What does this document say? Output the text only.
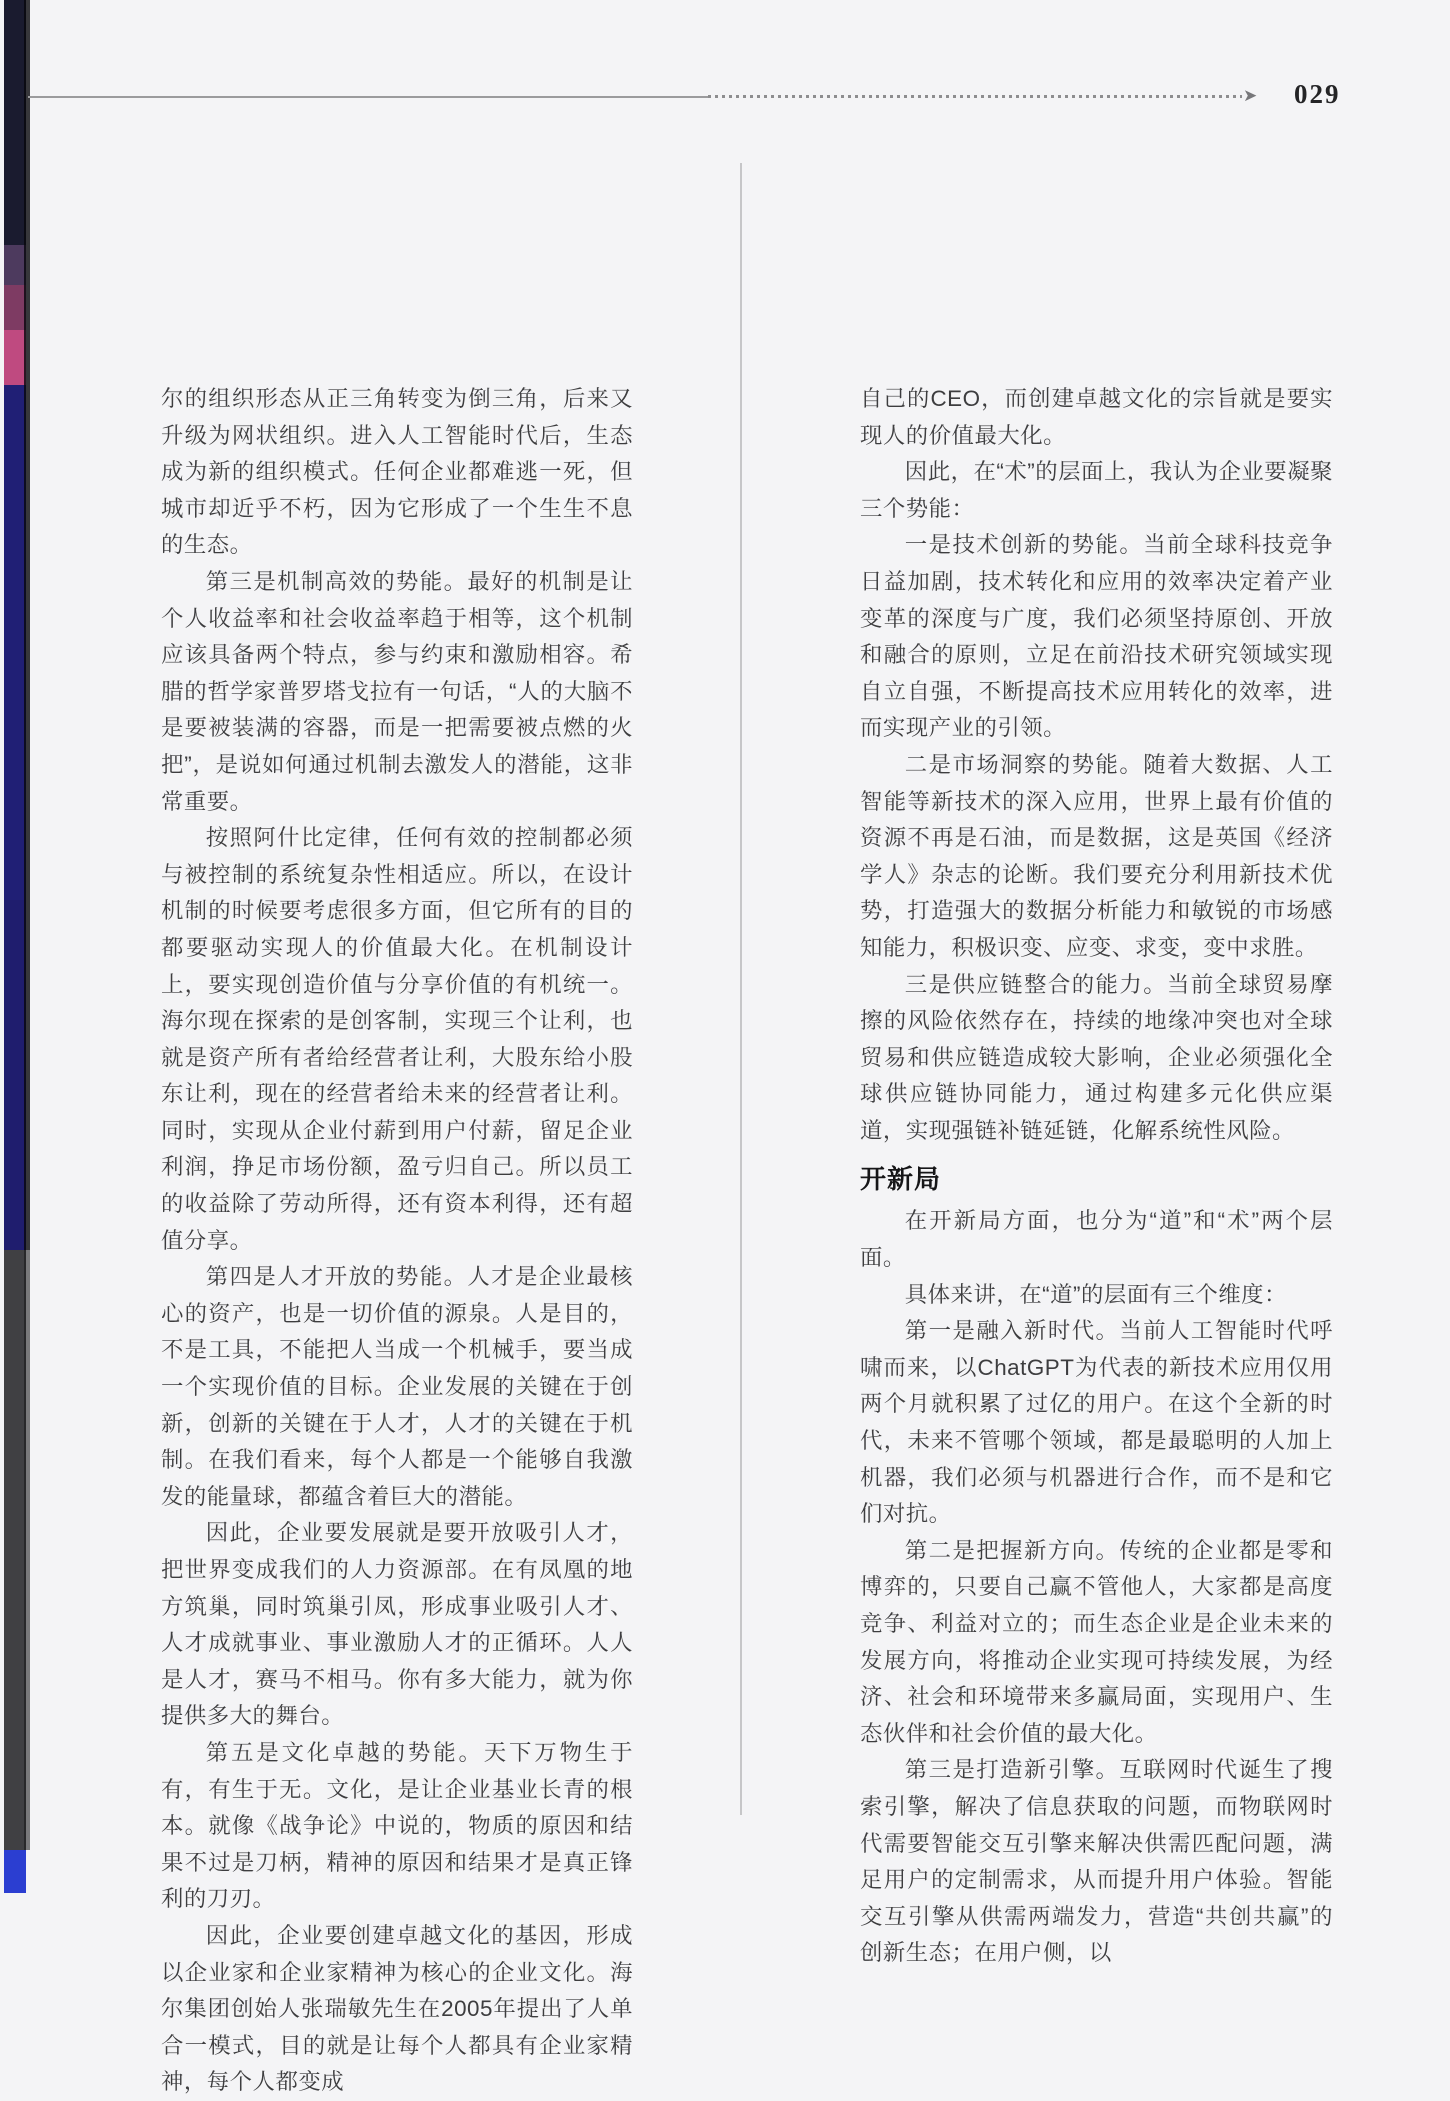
➤ 029

尔的组织形态从正三角转变为倒三角，后来又升级为网状组织。进入人工智能时代后，生态成为新的组织模式。任何企业都难逃一死，但城市却近乎不朽，因为它形成了一个生生不息的生态。

第三是机制高效的势能。最好的机制是让个人收益率和社会收益率趋于相等，这个机制应该具备两个特点，参与约束和激励相容。希腊的哲学家普罗塔戈拉有一句话，“人的大脑不是要被装满的容器，而是一把需要被点燃的火把”，是说如何通过机制去激发人的潜能，这非常重要。

按照阿什比定律，任何有效的控制都必须与被控制的系统复杂性相适应。所以，在设计机制的时候要考虑很多方面，但它所有的目的都要驱动实现人的价值最大化。在机制设计上，要实现创造价值与分享价值的有机统一。海尔现在探索的是创客制，实现三个让利，也就是资产所有者给经营者让利，大股东给小股东让利，现在的经营者给未来的经营者让利。同时，实现从企业付薪到用户付薪，留足企业利润，挣足市场份额，盈亏归自己。所以员工的收益除了劳动所得，还有资本利得，还有超值分享。

第四是人才开放的势能。人才是企业最核心的资产，也是一切价值的源泉。人是目的，不是工具，不能把人当成一个机械手，要当成一个实现价值的目标。企业发展的关键在于创新，创新的关键在于人才，人才的关键在于机制。在我们看来，每个人都是一个能够自我激发的能量球，都蕴含着巨大的潜能。

因此，企业要发展就是要开放吸引人才，把世界变成我们的人力资源部。在有凤凰的地方筑巢，同时筑巢引凤，形成事业吸引人才、人才成就事业、事业激励人才的正循环。人人是人才，赛马不相马。你有多大能力，就为你提供多大的舞台。

第五是文化卓越的势能。天下万物生于有，有生于无。文化，是让企业基业长青的根本。就像《战争论》中说的，物质的原因和结果不过是刀柄，精神的原因和结果才是真正锋利的刀刃。

因此，企业要创建卓越文化的基因，形成以企业家和企业家精神为核心的企业文化。海尔集团创始人张瑞敏先生在2005年提出了人单合一模式，目的就是让每个人都具有企业家精神，每个人都变成

自己的CEO，而创建卓越文化的宗旨就是要实现人的价值最大化。

因此，在“术”的层面上，我认为企业要凝聚三个势能：

一是技术创新的势能。当前全球科技竞争日益加剧，技术转化和应用的效率决定着产业变革的深度与广度，我们必须坚持原创、开放和融合的原则，立足在前沿技术研究领域实现自立自强，不断提高技术应用转化的效率，进而实现产业的引领。

二是市场洞察的势能。随着大数据、人工智能等新技术的深入应用，世界上最有价值的资源不再是石油，而是数据，这是英国《经济学人》杂志的论断。我们要充分利用新技术优势，打造强大的数据分析能力和敏锐的市场感知能力，积极识变、应变、求变，变中求胜。

三是供应链整合的能力。当前全球贸易摩擦的风险依然存在，持续的地缘冲突也对全球贸易和供应链造成较大影响，企业必须强化全球供应链协同能力，通过构建多元化供应渠道，实现强链补链延链，化解系统性风险。

开新局

在开新局方面，也分为“道”和“术”两个层面。

具体来讲，在“道”的层面有三个维度：

第一是融入新时代。当前人工智能时代呼啸而来，以ChatGPT为代表的新技术应用仅用两个月就积累了过亿的用户。在这个全新的时代，未来不管哪个领域，都是最聪明的人加上机器，我们必须与机器进行合作，而不是和它们对抗。

第二是把握新方向。传统的企业都是零和博弈的，只要自己赢不管他人，大家都是高度竞争、利益对立的；而生态企业是企业未来的发展方向，将推动企业实现可持续发展，为经济、社会和环境带来多赢局面，实现用户、生态伙伴和社会价值的最大化。

第三是打造新引擎。互联网时代诞生了搜索引擎，解决了信息获取的问题，而物联网时代需要智能交互引擎来解决供需匹配问题，满足用户的定制需求，从而提升用户体验。智能交互引擎从供需两端发力，营造“共创共赢”的创新生态；在用户侧，以
